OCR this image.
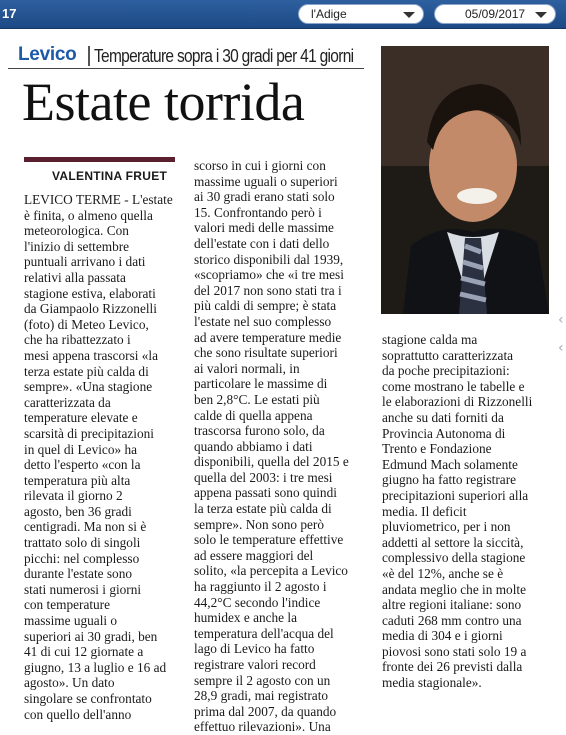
17	l'Adige	05/09/2017
Levico Temperature sopra i 30 gradi per 41 giorni
Estate torrida
VALENTINA FRUET
LEVICO TERME - L'estate
è finita, o almeno quella
meteorologica. Con
l'inizio di settembre
puntuali arrivano i dati
relativi alla passata
stagione estiva, elaborati
da Giampaolo Rizzonelli
(foto) di Meteo Levico,
che ha ribattezzato i
mesi appena trascorsi «la
terza estate più calda di
sempre». «Una stagione
caratterizzata da
temperature elevate e
scarsità di precipitazioni
in quel di Levico» ha
detto l'esperto «con la
temperatura più alta
rilevata il giorno 2
agosto, ben 36 gradi
centigradi. Ma non si è
trattato solo di singoli
picchi: nel complesso
durante l'estate sono
stati numerosi i giorni
con temperature
massime uguali o
superiori ai 30 gradi, ben
41 di cui 12 giornate a
giugno, 13 a luglio e 16 ad
agosto». Un dato
singolare se confrontato
con quello dell'anno
scorso in cui i giorni con
massime uguali o superiori
ai 30 gradi erano stati solo
15. Confrontando però i
valori medi delle massime
dell'estate con i dati dello
storico disponibili dal 1939,
«scopriamo» che «i tre mesi
del 2017 non sono stati tra i
più caldi di sempre; è stata
l'estate nel suo complesso
ad avere temperature medie
che sono risultate superiori
ai valori normali, in
particolare le massime di
ben 2,8°C. Le estati più
calde di quella appena
trascorsa furono solo, da
quando abbiamo i dati
disponibili, quella del 2015 e
quella del 2003: i tre mesi
appena passati sono quindi
la terza estate più calda di
sempre». Non sono però
solo le temperature effettive
ad essere maggiori del
solito, «la percepita a Levico
ha raggiunto il 2 agosto i
44,2°C secondo l'indice
humidex e anche la
temperatura dell'acqua del
lago di Levico ha fatto
registrare valori record
sempre il 2 agosto con un
28,9 gradi, mai registrato
prima dal 2007, da quando
effettuo rilevazioni». Una
stagione calda ma
soprattutto caratterizzata
da poche precipitazioni:
come mostrano le tabelle e
le elaborazioni di Rizzonelli
anche su dati forniti da
Provincia Autonoma di
Trento e Fondazione
Edmund Mach solamente
giugno ha fatto registrare
precipitazioni superiori alla
media. Il deficit
pluviometrico, per i non
addetti al settore la siccità,
complessivo della stagione
«è del 12%, anche se è
andata meglio che in molte
altre regioni italiane: sono
caduti 268 mm contro una
media di 304 e i giorni
piovosi sono stati solo 19 a
fronte dei 26 previsti dalla
media stagionale».
‹
‹
